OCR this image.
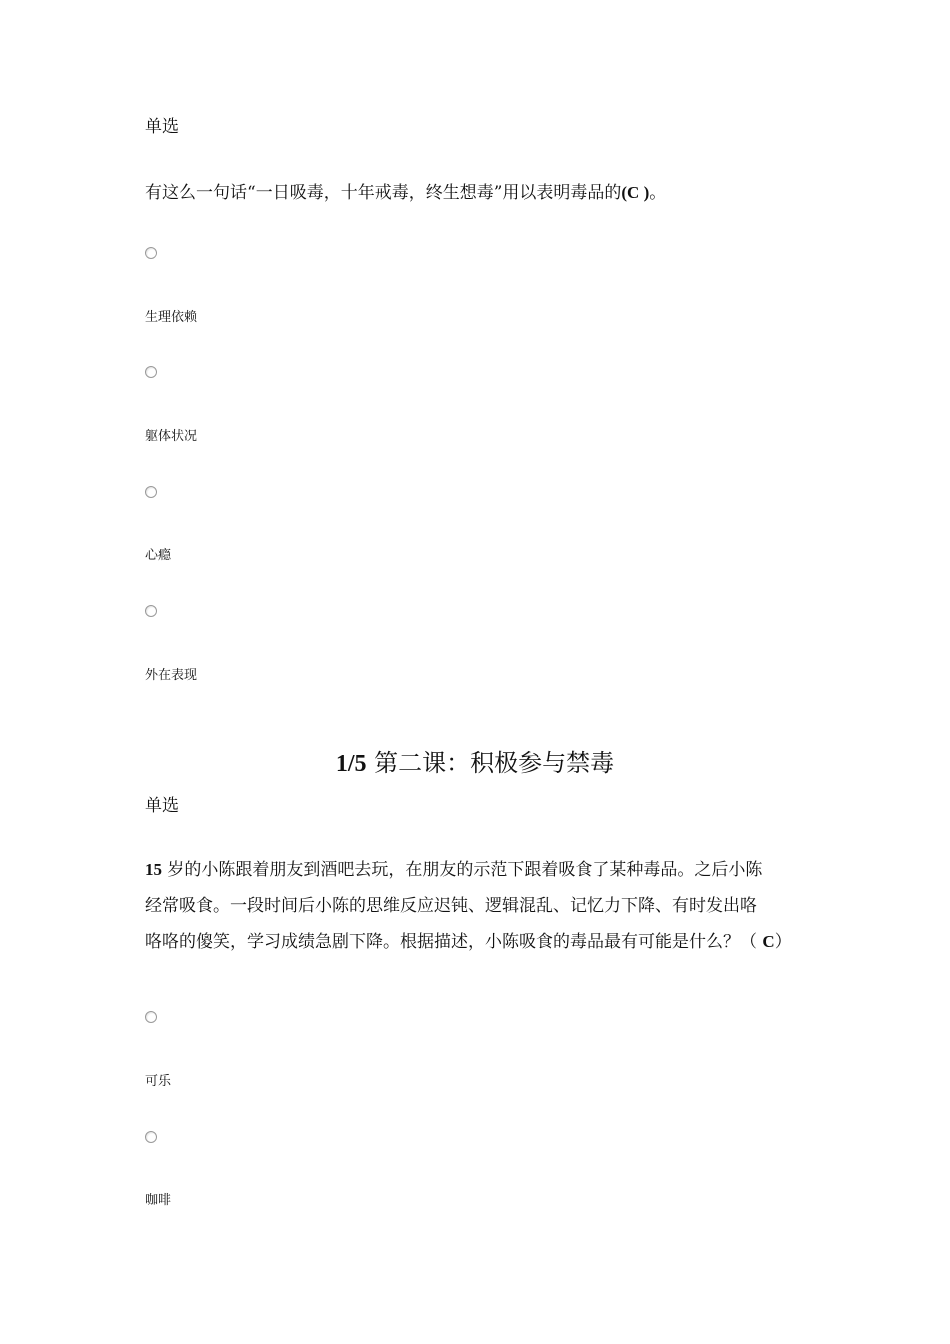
单选
有这么一句话“一日吸毒，十年戒毒，终生想毒”用以表明毒品的(C )。
生理依赖
躯体状况
心瘾
外在表现
1/5 第二课：积极参与禁毒
单选
15 岁的小陈跟着朋友到酒吧去玩，在朋友的示范下跟着吸食了某种毒品。之后小陈
经常吸食。一段时间后小陈的思维反应迟钝、逻辑混乱、记忆力下降、有时发出咯
咯咯的傻笑，学习成绩急剧下降。根据描述，小陈吸食的毒品最有可能是什么？（ C）
可乐
咖啡
